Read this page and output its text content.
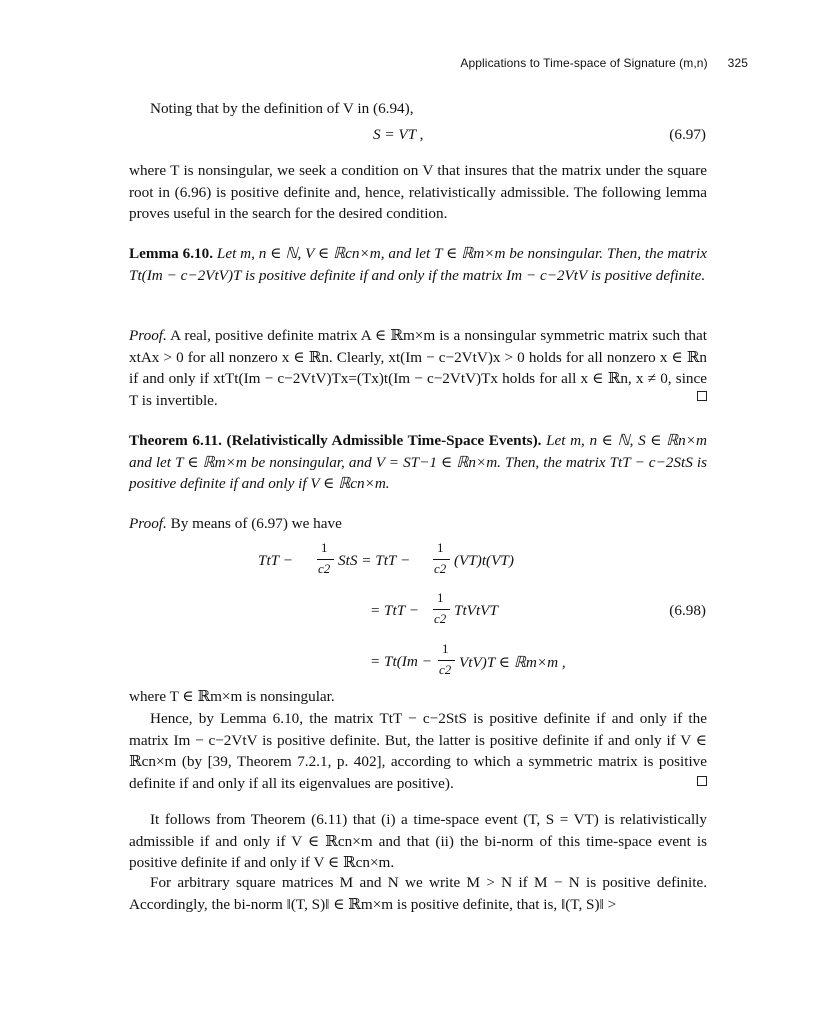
Applications to Time-space of Signature (m,n) 325
Noting that by the definition of V in (6.94),
S = VT ,	(6.97)
where T is nonsingular, we seek a condition on V that insures that the matrix under the square root in (6.96) is positive definite and, hence, relativistically admissible. The following lemma proves useful in the search for the desired condition.
Lemma 6.10. Let m, n ∈ ℕ, V ∈ ℝcn×m, and let T ∈ ℝm×m be nonsingular. Then, the matrix Tt(Im − c−2VtV)T is positive definite if and only if the matrix Im − c−2VtV is positive definite.
Proof. A real, positive definite matrix A ∈ ℝm×m is a nonsingular symmetric matrix such that xtAx > 0 for all nonzero x ∈ ℝn. Clearly, xt(Im − c−2VtV)x > 0 holds for all nonzero x ∈ ℝn if and only if xtTt(Im − c−2VtV)Tx=(Tx)t(Im − c−2VtV)Tx holds for all x ∈ ℝn, x ≠ 0, since T is invertible.
Theorem 6.11. (Relativistically Admissible Time-Space Events). Let m, n ∈ ℕ, S ∈ ℝn×m and let T ∈ ℝm×m be nonsingular, and V = ST−1 ∈ ℝn×m. Then, the matrix TtT − c−2StS is positive definite if and only if V ∈ ℝcn×m.
Proof. By means of (6.97) we have
TtT −
1
c2 StS = TtT −
1
c2 (VT)t(VT)
= TtT −
1
c2 TtVtVT	(6.98)
= Tt(Im −
1
c2 VtV)T ∈ ℝm×m ,
where T ∈ ℝm×m is nonsingular.
Hence, by Lemma 6.10, the matrix TtT − c−2StS is positive definite if and only if the matrix Im − c−2VtV is positive definite. But, the latter is positive definite if and only if V ∈ ℝcn×m (by [39, Theorem 7.2.1, p. 402], according to which a symmetric matrix is positive definite if and only if all its eigenvalues are positive).
It follows from Theorem (6.11) that (i) a time-space event (T, S = VT) is relativistically admissible if and only if V ∈ ℝcn×m and that (ii) the bi-norm of this time-space event is positive definite if and only if V ∈ ℝcn×m.
For arbitrary square matrices M and N we write M > N if M − N is positive definite. Accordingly, the bi-norm ‖(T, S)‖ ∈ ℝm×m is positive definite, that is, ‖(T, S)‖ >
